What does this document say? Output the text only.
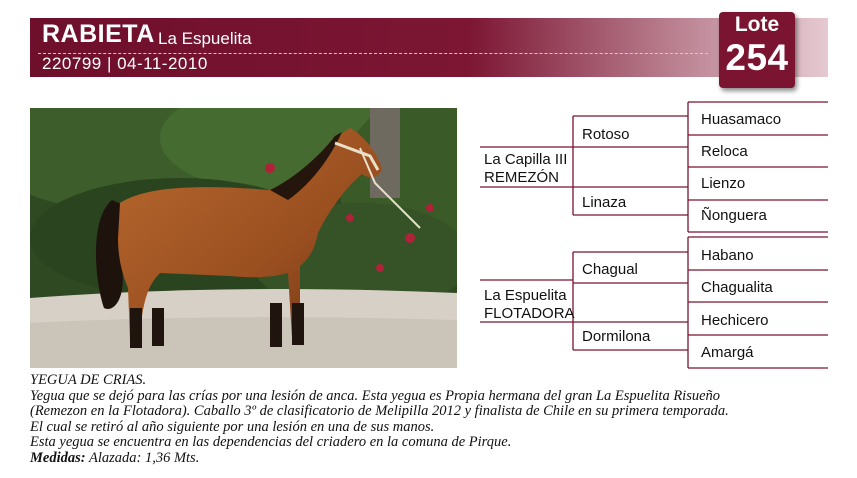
RABIETA La Espuelita
220799 | 04-11-2010
Lote
254
La Capilla III
REMEZÓN
La Espuelita
FLOTADORA
Rotoso
Linaza
Chagual
Dormilona
Huasamaco
Reloca
Lienzo
Ñonguera
Habano
Chagualita
Hechicero
Amargá
YEGUA DE CRIAS.
Yegua que se dejó para las crías por una lesión de anca. Esta yegua es Propia hermana del gran La Espuelita Risueño
(Remezon en la Flotadora). Caballo 3º de clasificatorio de Melipilla 2012 y finalista de Chile en su primera temporada.
El cual se retiró al año siguiente por una lesión en una de sus manos.
Esta yegua se encuentra en las dependencias del criadero en la comuna de Pirque.
Medidas: Alazada: 1,36 Mts.
